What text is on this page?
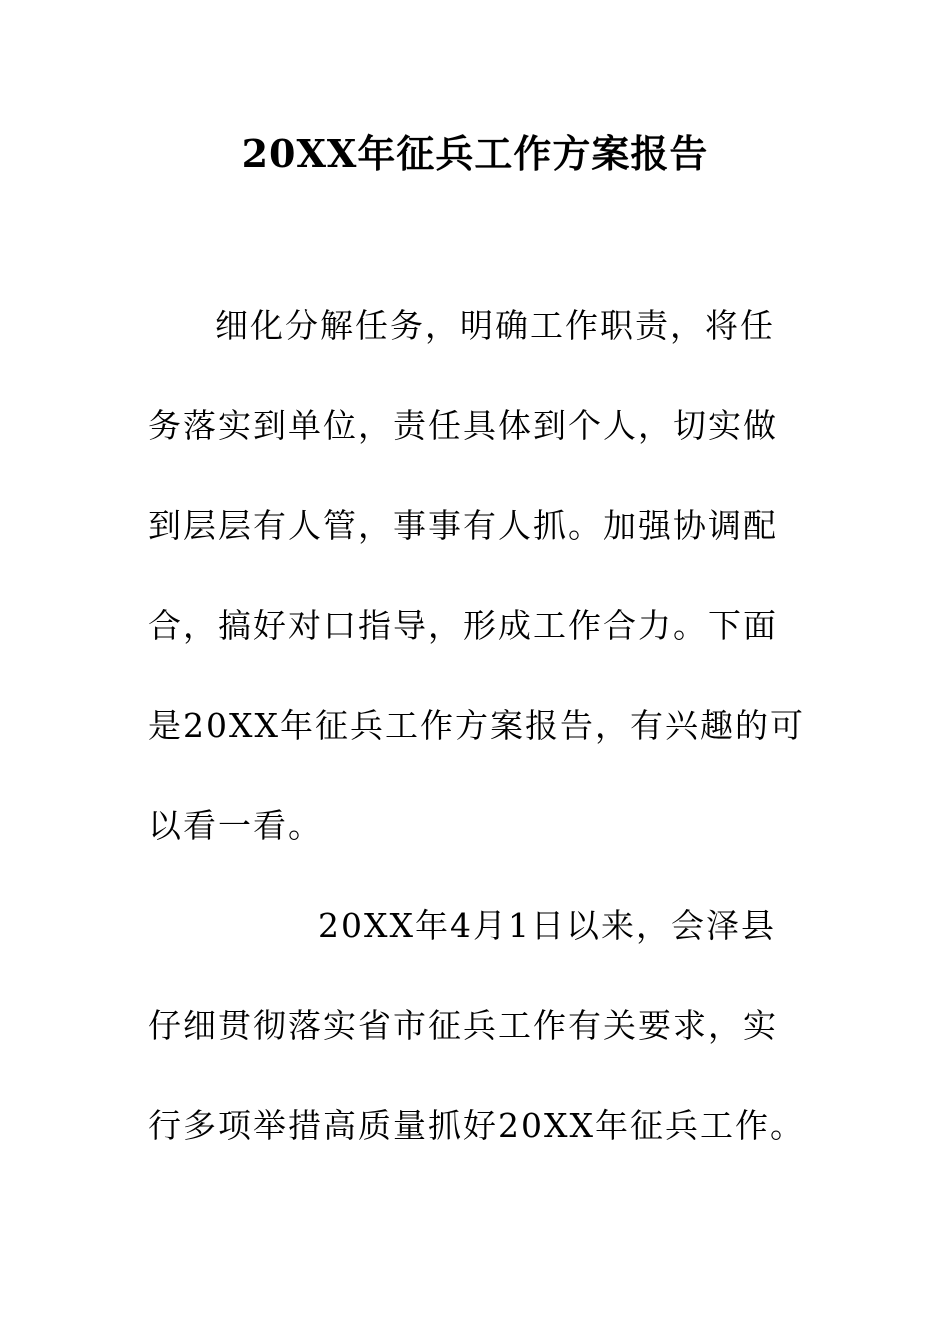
20XX年征兵工作方案报告
细化分解任务，明确工作职责，将任
务落实到单位，责任具体到个人，切实做
到层层有人管，事事有人抓。加强协调配
合，搞好对口指导，形成工作合力。下面
是20XX年征兵工作方案报告，有兴趣的可
以看一看。
20XX年4月1日以来，会泽县
仔细贯彻落实省市征兵工作有关要求，实
行多项举措高质量抓好20XX年征兵工作。
